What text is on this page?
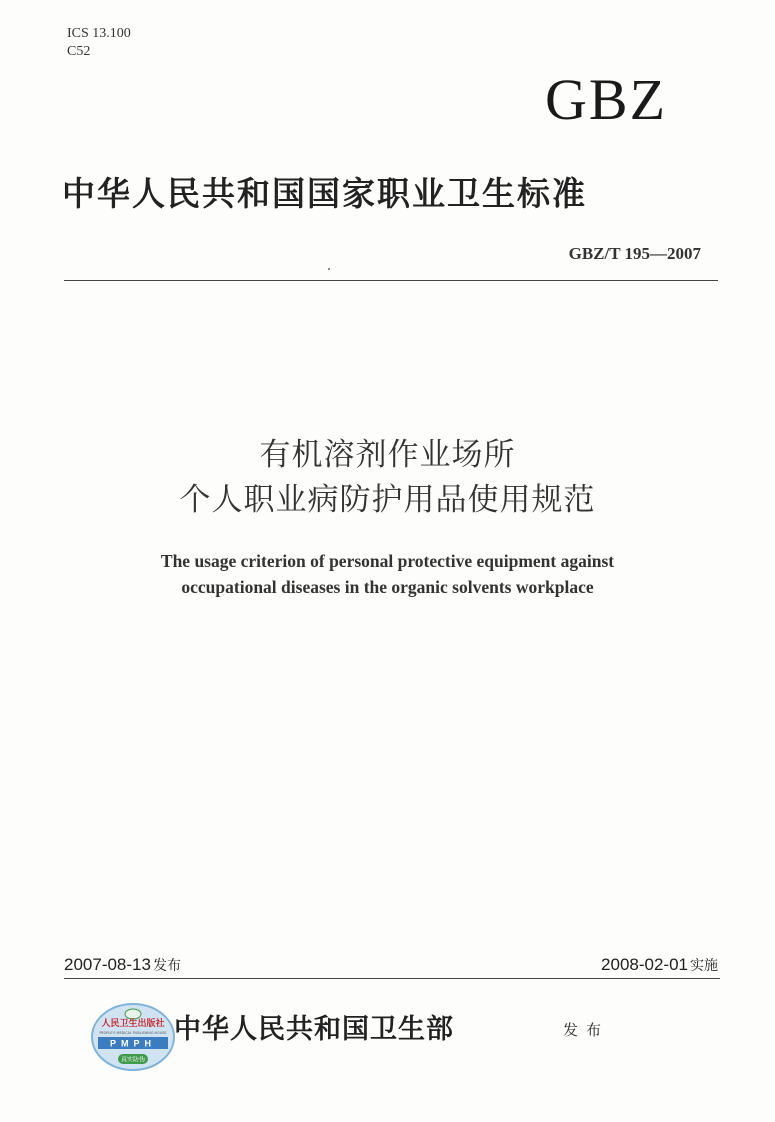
ICS 13.100
C52
GBZ
中华人民共和国国家职业卫生标准
GBZ/T 195—2007
有机溶剂作业场所
个人职业病防护用品使用规范
The usage criterion of personal protective equipment against
occupational diseases in the organic solvents workplace
2007-08-13 发布	2008-02-01 实施
人民卫生出版社
PEOPLE'S MEDICAL PUBLISHING HOUSE
PMPH
真实防伪
中华人民共和国卫生部	发布
